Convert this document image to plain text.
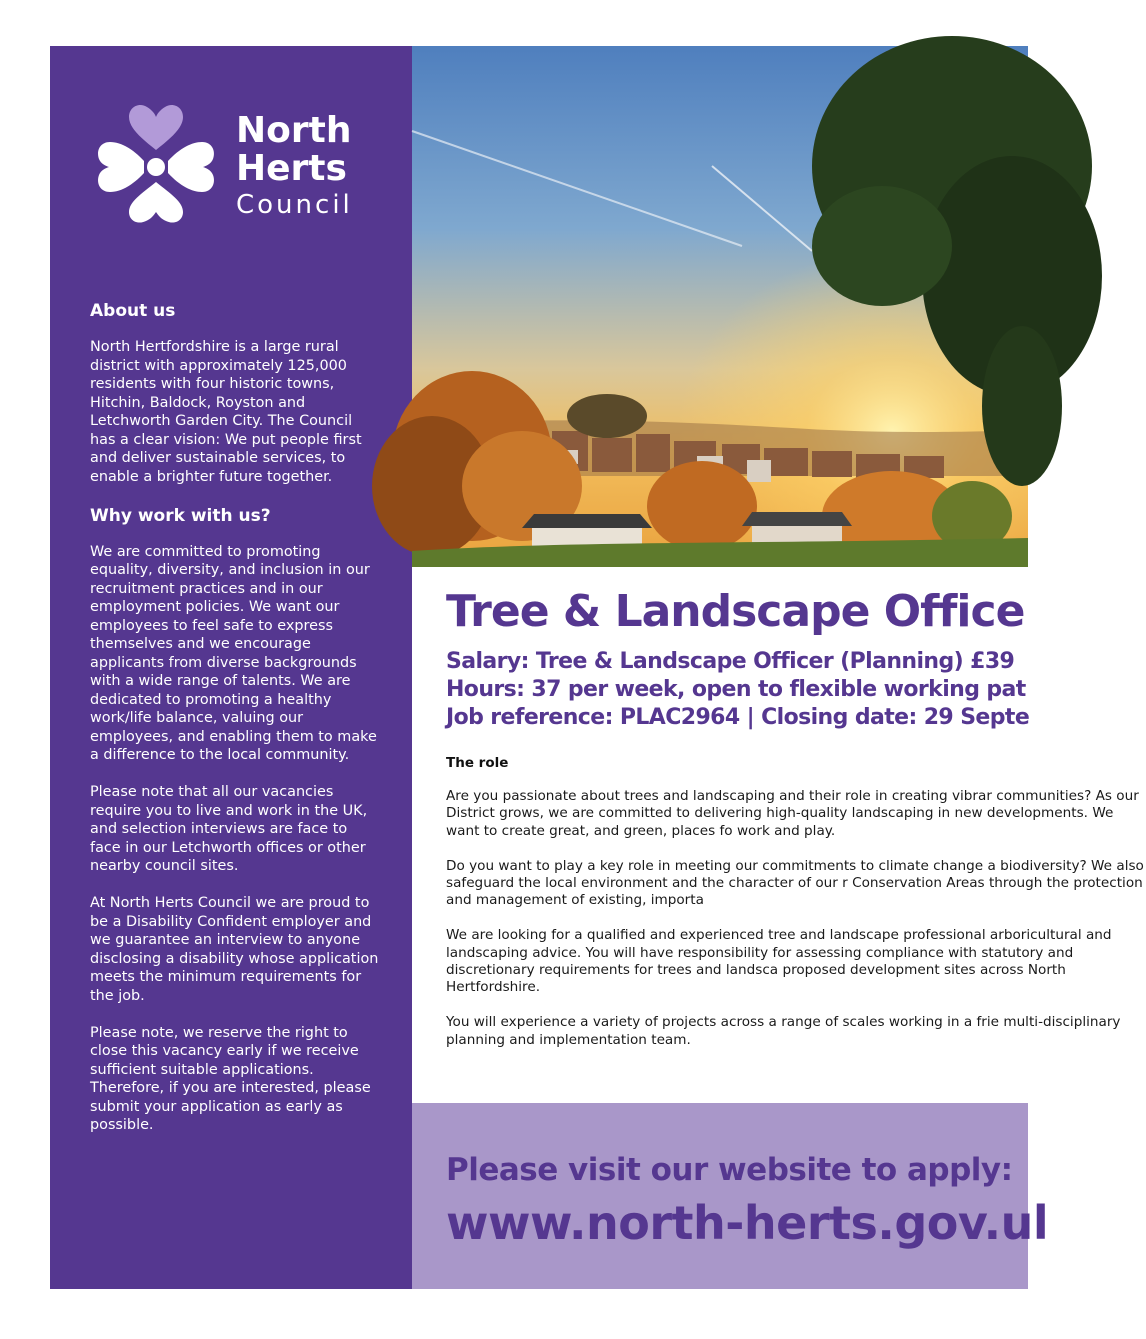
North
Herts
Council
About us

North Hertfordshire is a large rural district with approximately 125,000 residents with four historic towns, Hitchin, Baldock, Royston and Letchworth Garden City. The Council has a clear vision: We put people first and deliver sustainable services, to enable a brighter future together.

Why work with us?

We are committed to promoting equality, diversity, and inclusion in our recruitment practices and in our employment policies. We want our employees to feel safe to express themselves and we encourage applicants from diverse backgrounds with a wide range of talents. We are dedicated to promoting a healthy work/life balance, valuing our employees, and enabling them to make a difference to the local community.

Please note that all our vacancies require you to live and work in the UK, and selection interviews are face to face in our Letchworth offices or other nearby council sites.

At North Herts Council we are proud to be a Disability Confident employer and we guarantee an interview to anyone disclosing a disability whose application meets the minimum requirements for the job.

Please note, we reserve the right to close this vacancy early if we receive sufficient suitable applications. Therefore, if you are interested, please submit your application as early as possible.

Tree & Landscape Office
Salary: Tree & Landscape Officer (Planning) £39
Hours: 37 per week, open to flexible working pat
Job reference: PLAC2964 | Closing date: 29 Septe
The role

Are you passionate about trees and landscaping and their role in creating vibrar communities? As our District grows, we are committed to delivering high-quality landscaping in new developments. We want to create great, and green, places fo work and play.

Do you want to play a key role in meeting our commitments to climate change a biodiversity? We also safeguard the local environment and the character of our r Conservation Areas through the protection and management of existing, importa

We are looking for a qualified and experienced tree and landscape professional arboricultural and landscaping advice. You will have responsibility for assessing compliance with statutory and discretionary requirements for trees and landsca proposed development sites across North Hertfordshire.

You will experience a variety of projects across a range of scales working in a frie multi-disciplinary planning and implementation team.

Please visit our website to apply:
www.north-herts.gov.ul
